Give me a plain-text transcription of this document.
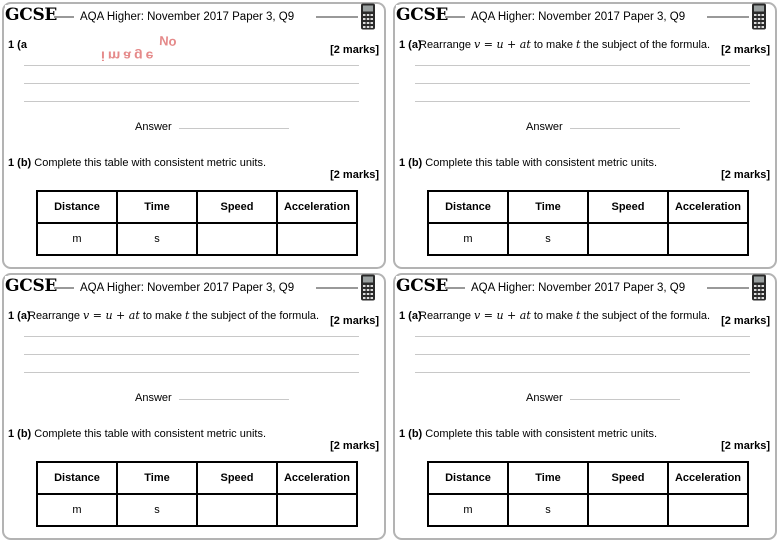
GCSE AQA Higher: November 2017 Paper 3, Q9
1 (a	No
image	[2 marks]
Answer
1 (b) Complete this table with consistent metric units.
[2 marks]
Distance	Time	Speed	Acceleration
m	s		
GCSE AQA Higher: November 2017 Paper 3, Q9
1 (a)
Rearrange v = u + at to make t the subject of the formula. [2 marks]
Answer
1 (b) Complete this table with consistent metric units.
[2 marks]
Distance	Time	Speed	Acceleration
m	s		
GCSE AQA Higher: November 2017 Paper 3, Q9
1 (a)
Rearrange v = u + at to make t the subject of the formula. [2 marks]
Answer
1 (b) Complete this table with consistent metric units.
[2 marks]
Distance	Time	Speed	Acceleration
m	s		
GCSE AQA Higher: November 2017 Paper 3, Q9
1 (a)
Rearrange v = u + at to make t the subject of the formula. [2 marks]
Answer
1 (b) Complete this table with consistent metric units.
[2 marks]
Distance	Time	Speed	Acceleration
m	s		
